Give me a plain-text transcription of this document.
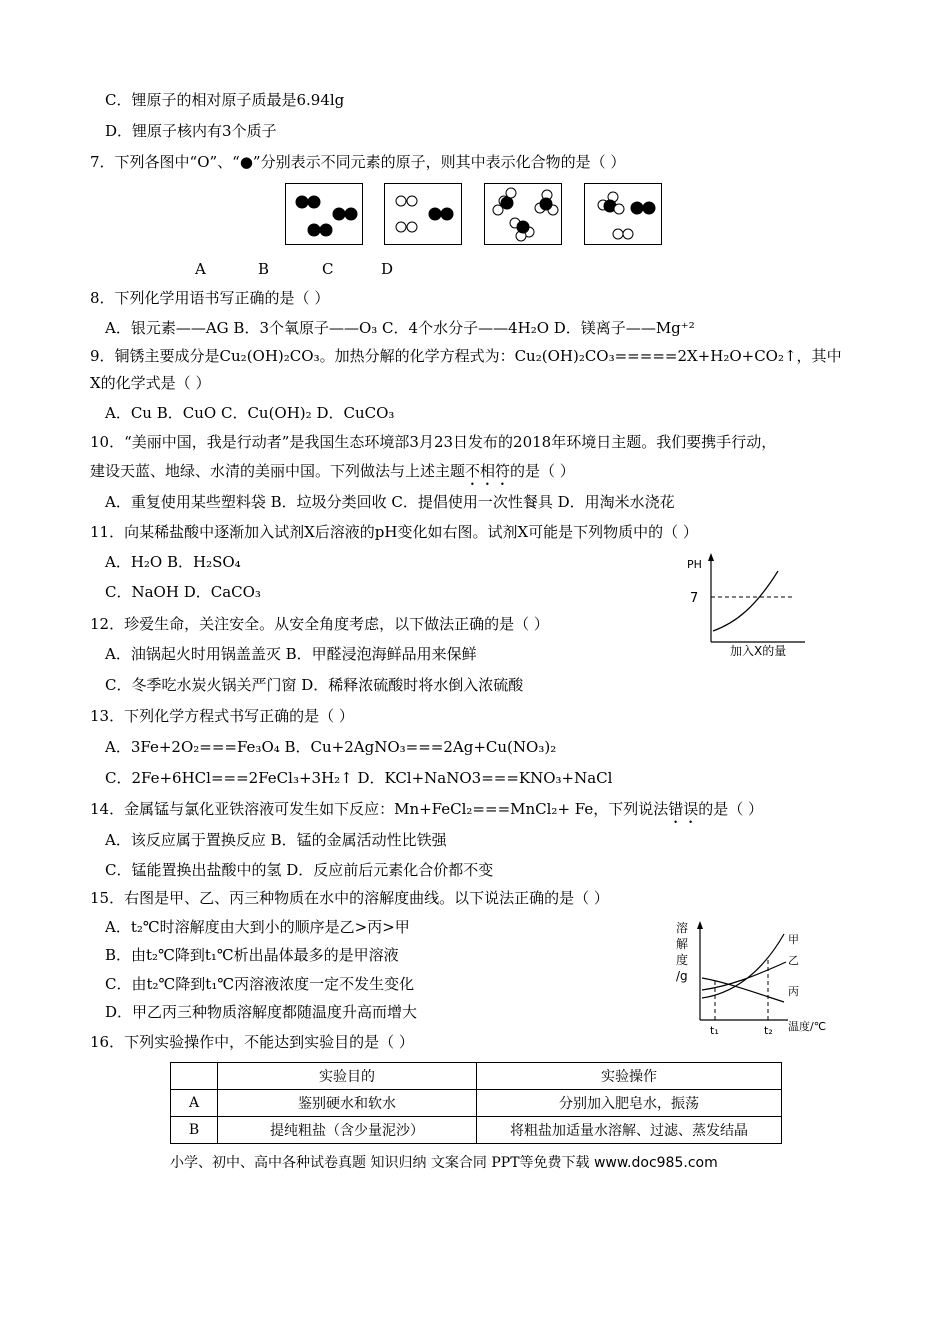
C．锂原子的相对原子质最是6.94lg
D．锂原子核内有3个质子
7．下列各图中“O”、“●”分别表示不同元素的原子，则其中表示化合物的是（ ）
A	B	C	D
8．下列化学用语书写正确的是（ ）
A．银元素——AG B．3个氧原子——O₃ C．4个水分子——4H₂O D．镁离子——Mg⁺²
9．铜锈主要成分是Cu₂(OH)₂CO₃。加热分解的化学方程式为：Cu₂(OH)₂CO₃=====2X+H₂O+CO₂↑，其中
X的化学式是（ ）
A．Cu B．CuO C．Cu(OH)₂ D．CuCO₃
10．“美丽中国，我是行动者”是我国生态环境部3月23日发布的2018年环境日主题。我们要携手行动，
建设天蓝、地绿、水清的美丽中国。下列做法与上述主题不相符的是（ ）
A．重复使用某些塑料袋 B．垃圾分类回收 C．提倡使用一次性餐具 D．用淘米水浇花
11．向某稀盐酸中逐渐加入试剂X后溶液的pH变化如右图。试剂X可能是下列物质中的（ ）
A．H₂O B．H₂SO₄
C．NaOH D．CaCO₃
PH
7
加入X的量
12．珍爱生命，关注安全。从安全角度考虑，以下做法正确的是（ ）
A．油锅起火时用锅盖盖灭 B．甲醛浸泡海鲜品用来保鲜
C．冬季吃水炭火锅关严门窗 D．稀释浓硫酸时将水倒入浓硫酸
13．下列化学方程式书写正确的是（ ）
A．3Fe+2O₂===Fe₃O₄ B．Cu+2AgNO₃===2Ag+Cu(NO₃)₂
C．2Fe+6HCl===2FeCl₃+3H₂↑ D．KCl+NaNO3===KNO₃+NaCl
14．金属锰与氯化亚铁溶液可发生如下反应：Mn+FeCl₂===MnCl₂+ Fe，下列说法错误的是（ ）
A．该反应属于置换反应 B．锰的金属活动性比铁强
C．锰能置换出盐酸中的氢 D．反应前后元素化合价都不变
15．右图是甲、乙、丙三种物质在水中的溶解度曲线。以下说法正确的是（ ）
A．t₂℃时溶解度由大到小的顺序是乙>丙>甲
B．由t₂℃降到t₁℃析出晶体最多的是甲溶液
C．由t₂℃降到t₁℃丙溶液浓度一定不发生变化
D．甲乙丙三种物质溶解度都随温度升高而增大
溶
解
度
/g
甲
乙
丙
t₁	t₂ 温度/℃
16．下列实验操作中，不能达到实验目的是（ ）
	实验目的	实验操作
A	鉴别硬水和软水	分别加入肥皂水，振荡
B	提纯粗盐（含少量泥沙）	将粗盐加适量水溶解、过滤、蒸发结晶
小学、初中、高中各种试卷真题 知识归纳 文案合同 PPT等免费下载 www.doc985.com
